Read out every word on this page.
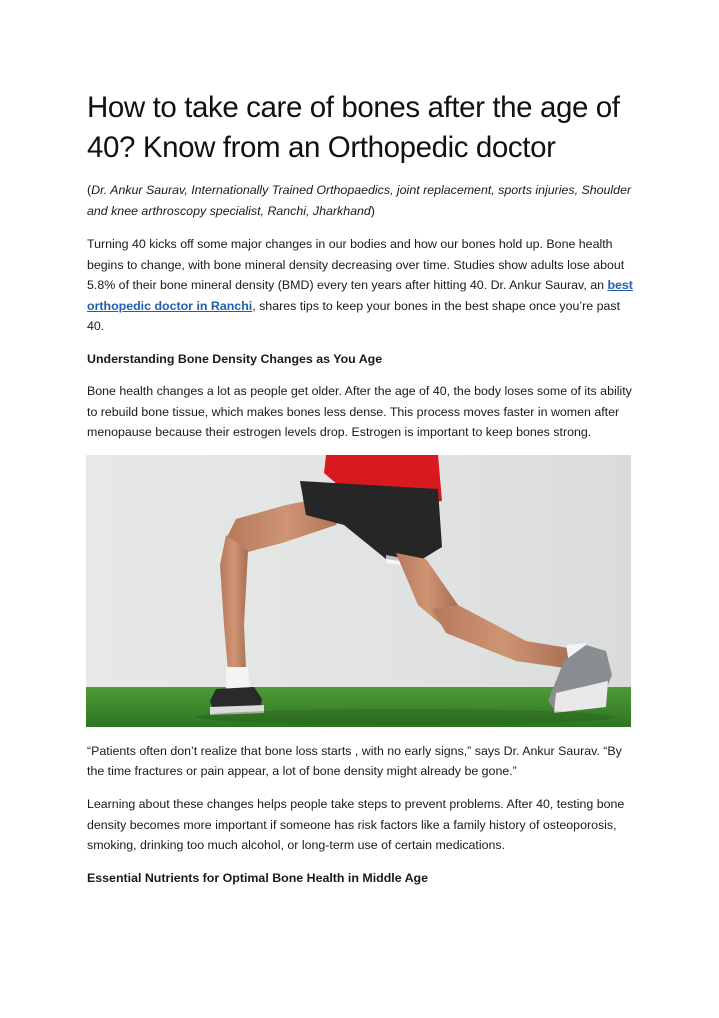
How to take care of bones after the age of 40? Know from an Orthopedic doctor

(Dr. Ankur Saurav, Internationally Trained Orthopaedics, joint replacement, sports injuries, Shoulder and knee arthroscopy specialist, Ranchi, Jharkhand)

Turning 40 kicks off some major changes in our bodies and how our bones hold up. Bone health begins to change, with bone mineral density decreasing over time. Studies show adults lose about 5.8% of their bone mineral density (BMD) every ten years after hitting 40. Dr. Ankur Saurav, an best orthopedic doctor in Ranchi, shares tips to keep your bones in the best shape once you’re past 40.

Understanding Bone Density Changes as You Age

Bone health changes a lot as people get older. After the age of 40, the body loses some of its ability to rebuild bone tissue, which makes bones less dense. This process moves faster in women after menopause because their estrogen levels drop. Estrogen is important to keep bones strong.

“Patients often don’t realize that bone loss starts , with no early signs,” says Dr. Ankur Saurav. “By the time fractures or pain appear, a lot of bone density might already be gone.”

Learning about these changes helps people take steps to prevent problems. After 40, testing bone density becomes more important if someone has risk factors like a family history of osteoporosis, smoking, drinking too much alcohol, or long-term use of certain medications.

Essential Nutrients for Optimal Bone Health in Middle Age
